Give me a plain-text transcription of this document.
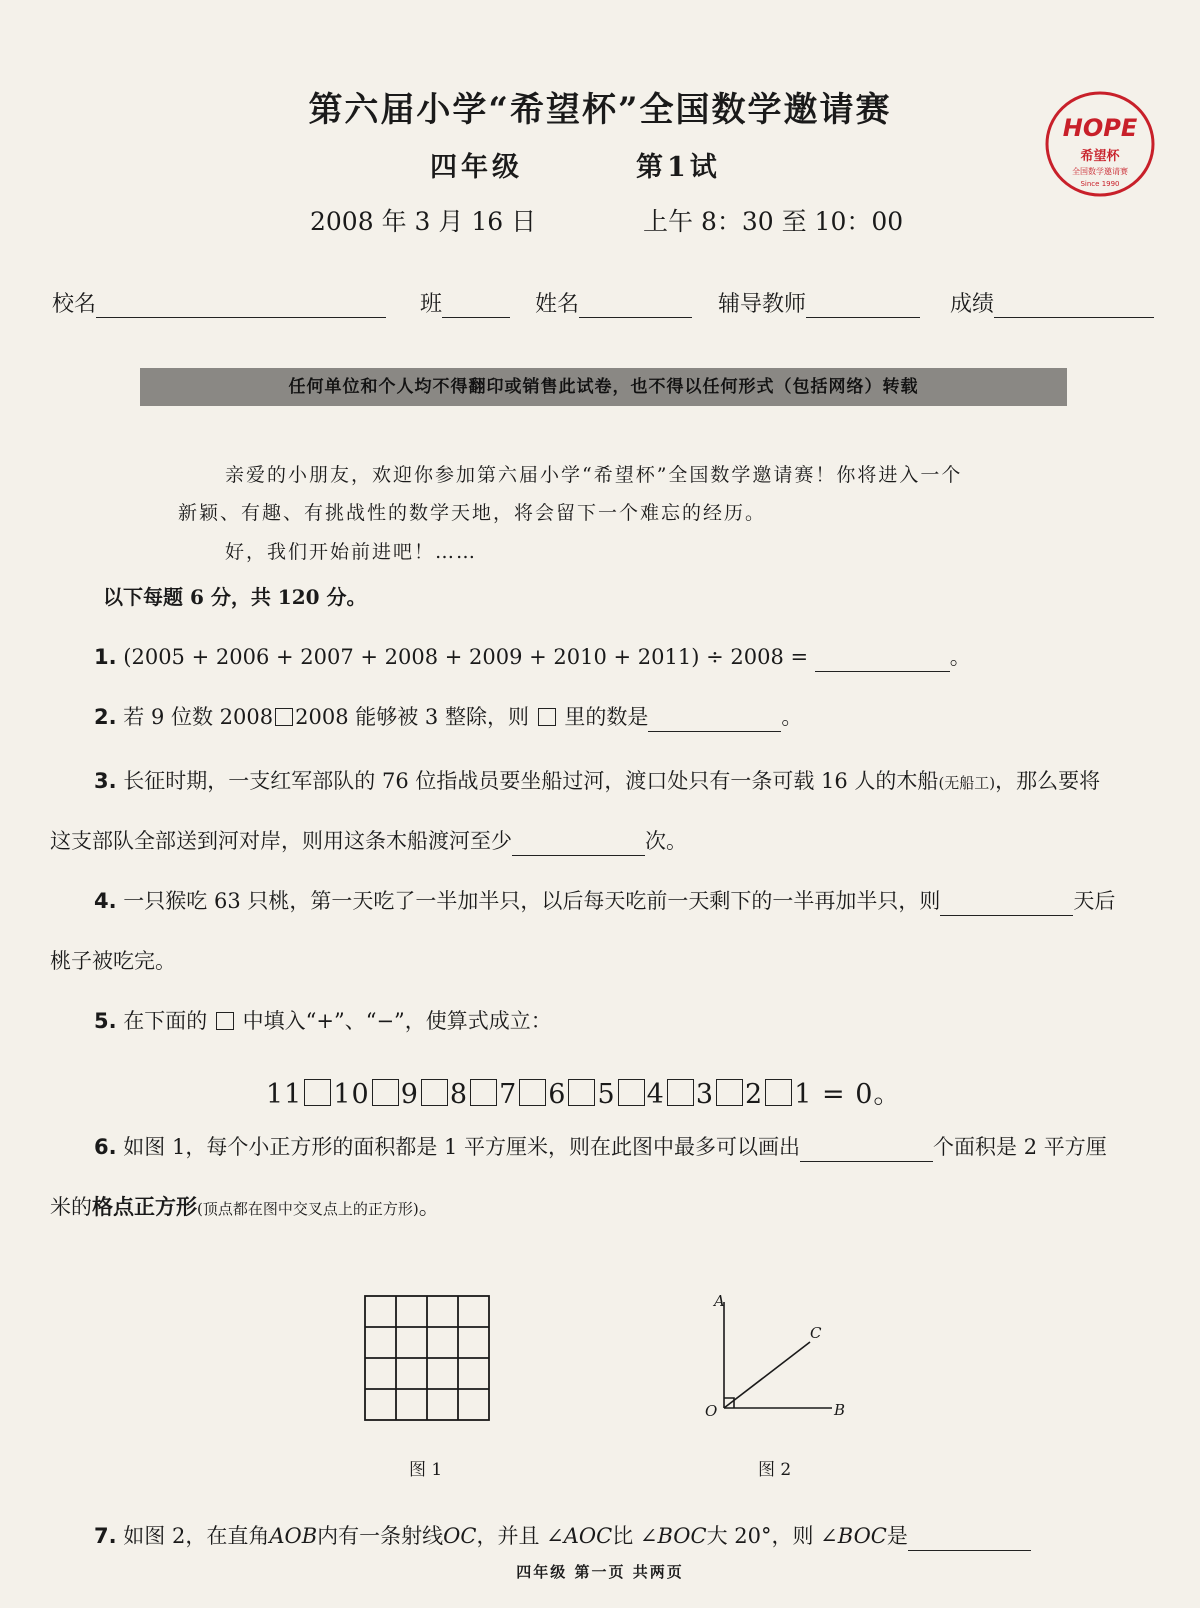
第六届小学“希望杯”全国数学邀请赛
四年级	第1试
2008 年 3 月 16 日	上午 8：30 至 10：00
HOPE
希望杯
全国数学邀请赛
Since 1990
校名	班	姓名	辅导教师	成绩
任何单位和个人均不得翻印或销售此试卷，也不得以任何形式（包括网络）转载
亲爱的小朋友，欢迎你参加第六届小学“希望杯”全国数学邀请赛！你将进入一个
新颖、有趣、有挑战性的数学天地，将会留下一个难忘的经历。
好，我们开始前进吧！……
以下每题 6 分，共 120 分。
1. (2005 + 2006 + 2007 + 2008 + 2009 + 2010 + 2011) ÷ 2008 =	。
2. 若 9 位数 2008 2008 能够被 3 整除，则 里的数是	。
3. 长征时期，一支红军部队的 76 位指战员要坐船过河，渡口处只有一条可载 16 人的木船(无船工)，那么要将
这支部队全部送到河对岸，则用这条木船渡河至少	次。
4. 一只猴吃 63 只桃，第一天吃了一半加半只，以后每天吃前一天剩下的一半再加半只，则	天后
桃子被吃完。
5. 在下面的 中填入“+”、“−”，使算式成立：
11 10 9 8 7 6 5 4 3 2 1 = 0。
6. 如图 1，每个小正方形的面积都是 1 平方厘米，则在此图中最多可以画出	个面积是 2 平方厘
米的格点正方形(顶点都在图中交叉点上的正方形)。
图 1
A
B
C
O
图 2
7. 如图 2，在直角AOB内有一条射线OC，并且 ∠AOC比 ∠BOC大 20°，则 ∠BOC是
四年级 第一页 共两页
